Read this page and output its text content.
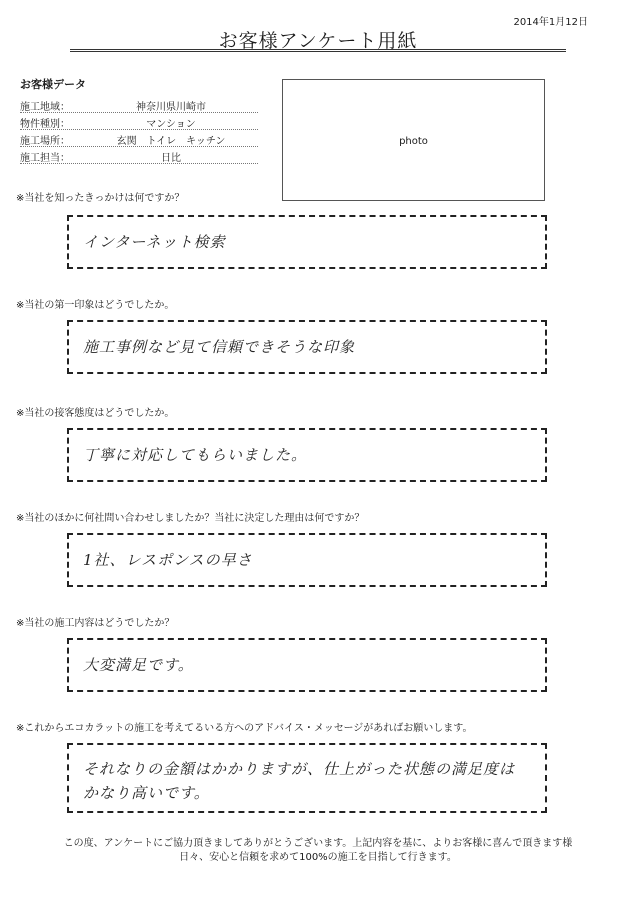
2014年1月12日
お客様アンケート用紙
お客様データ
施工地域：	神奈川県川崎市
物件種別：	マンション
施工場所：	玄関　トイレ　キッチン
施工担当：	日比
photo
※当社を知ったきっかけは何ですか？
インターネット検索
※当社の第一印象はどうでしたか。
施工事例など見て信頼できそうな印象
※当社の接客態度はどうでしたか。
丁寧に対応してもらいました。
※当社のほかに何社問い合わせしましたか？当社に決定した理由は何ですか？
1社、レスポンスの早さ
※当社の施工内容はどうでしたか？
大変満足です。
※これからエコカラットの施工を考えてるいる方へのアドバイス・メッセージがあればお願いします。
それなりの金額はかかりますが、仕上がった状態の満足度はかなり高いです。
この度、アンケートにご協力頂きましてありがとうございます。上記内容を基に、よりお客様に喜んで頂きます様
日々、安心と信頼を求めて100%の施工を目指して行きます。
